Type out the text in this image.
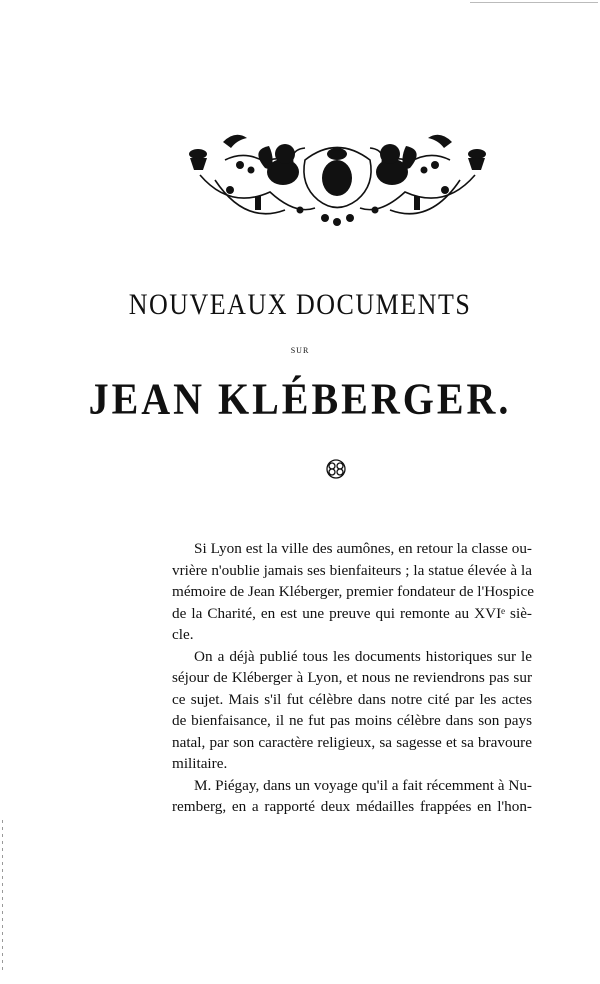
NOUVEAUX DOCUMENTS
SUR
JEAN KLÉBERGER.
Si Lyon est la ville des aumônes, en retour la classe ou-
vrière n'oublie jamais ses bienfaiteurs ; la statue élevée à la
mémoire de Jean Kléberger, premier fondateur de l'Hospice
de la Charité, en est une preuve qui remonte au XVIᵉ siè-
cle.
On a déjà publié tous les documents historiques sur le
séjour de Kléberger à Lyon, et nous ne reviendrons pas sur
ce sujet. Mais s'il fut célèbre dans notre cité par les actes
de bienfaisance, il ne fut pas moins célèbre dans son pays
natal, par son caractère religieux, sa sagesse et sa bravoure
militaire.
M. Piégay, dans un voyage qu'il a fait récemment à Nu-
remberg, en a rapporté deux médailles frappées en l'hon-
